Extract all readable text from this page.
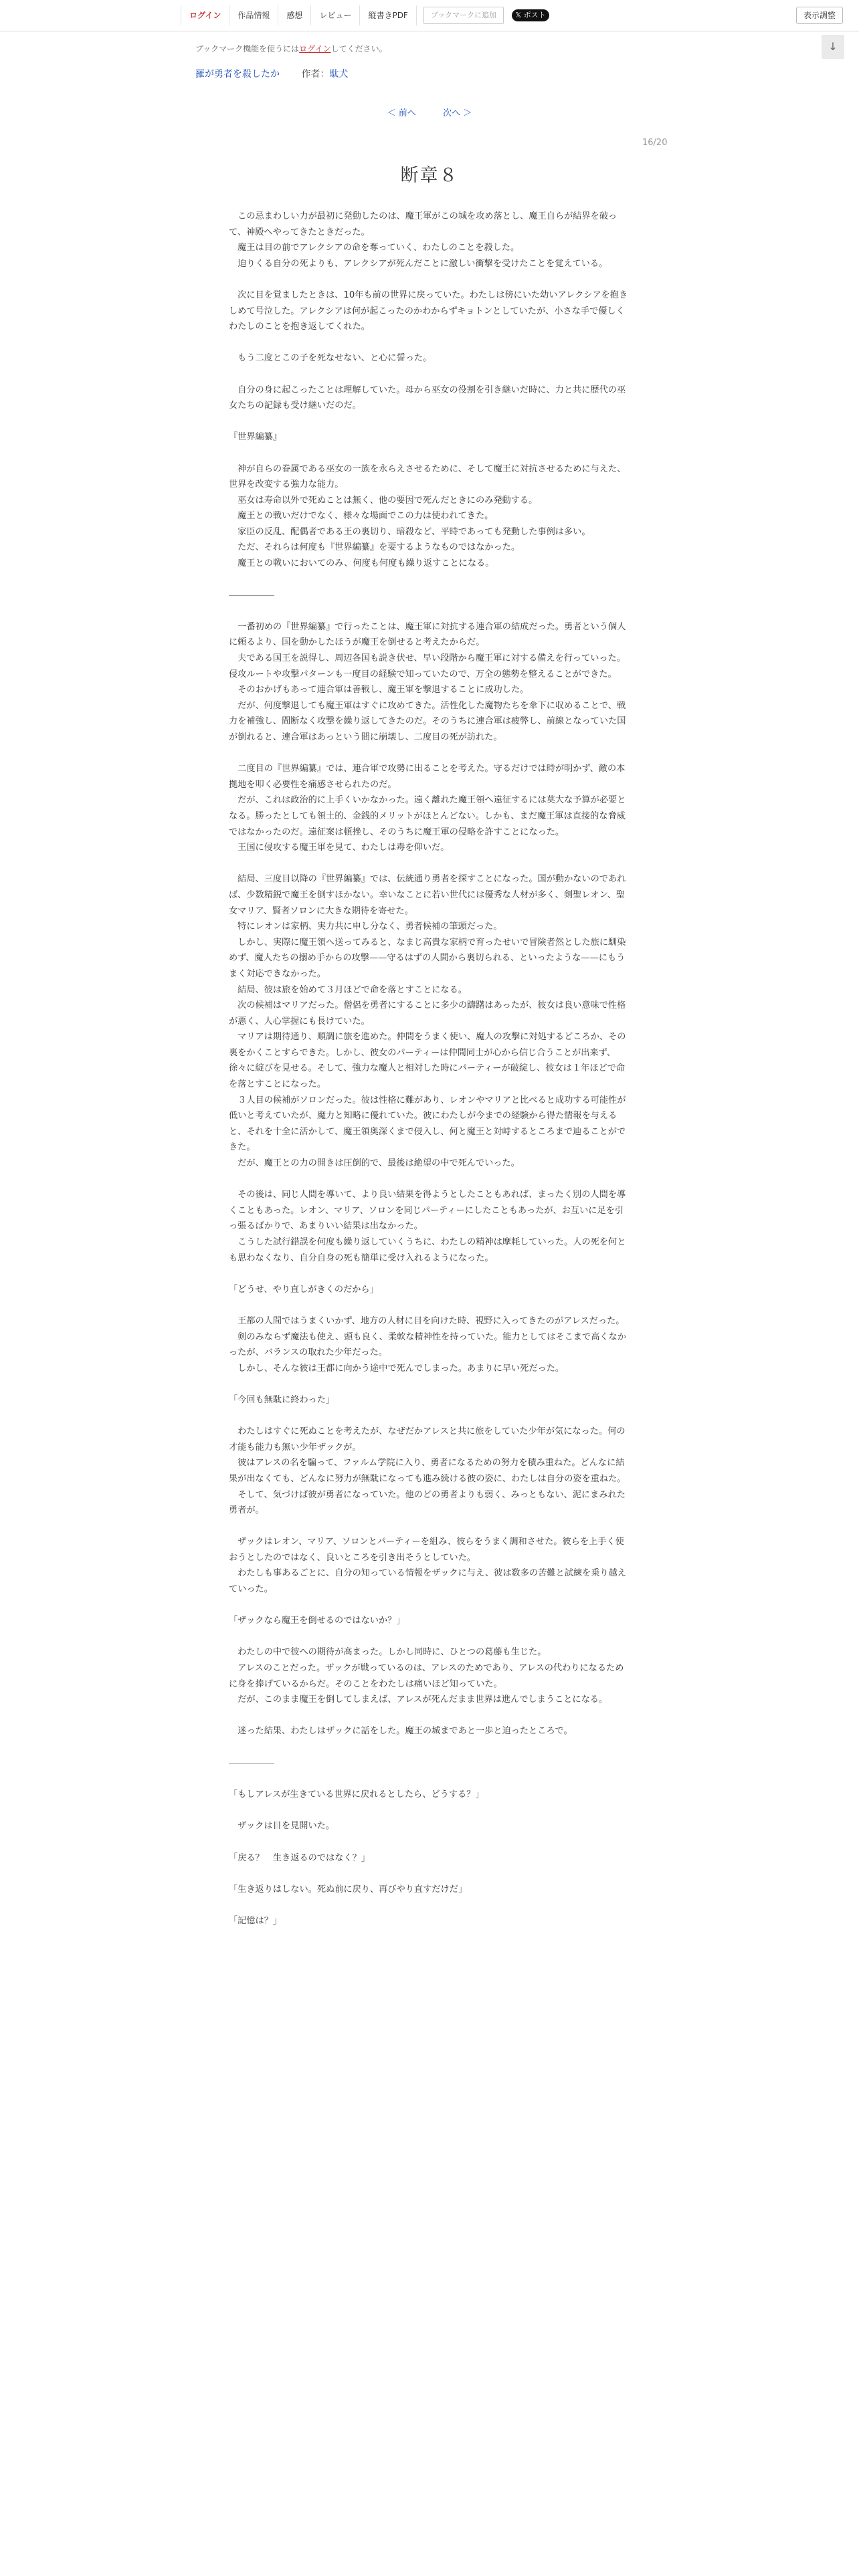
ログイン	作品情報	感想	レビュー	縦書きPDF	ブックマークに追加	𝕏 ポスト	表示調整
↓
ブックマーク機能を使うにはログインしてください。
羅が勇者を殺したか 作者：駄犬
＜ 前へ	次へ ＞
16/20
断章８

　この忌まわしい力が最初に発動したのは、魔王軍がこの城を攻め落とし、魔王自らが結界を破って、神殿へやってきたときだった。

　魔王は目の前でアレクシアの命を奪っていく、わたしのことを殺した。

　迫りくる自分の死よりも、アレクシアが死んだことに激しい衝撃を受けたことを覚えている。

　次に目を覚ましたときは、10年も前の世界に戻っていた。わたしは傍にいた幼いアレクシアを抱きしめて号泣した。アレクシアは何が起こったのかわからずキョトンとしていたが、小さな手で優しくわたしのことを抱き返してくれた。

　もう二度とこの子を死なせない、と心に誓った。

　自分の身に起こったことは理解していた。母から巫女の役割を引き継いだ時に、力と共に歴代の巫女たちの記録も受け継いだのだ。

『世界編纂』

　神が自らの眷属である巫女の一族を永らえさせるために、そして魔王に対抗させるために与えた、世界を改変する強力な能力。

　巫女は寿命以外で死ぬことは無く、他の要因で死んだときにのみ発動する。

　魔王との戦いだけでなく、様々な場面でこの力は使われてきた。

　家臣の反乱、配偶者である王の裏切り、暗殺など、平時であっても発動した事例は多い。

　ただ、それらは何度も『世界編纂』を要するようなものではなかった。

　魔王との戦いにおいてのみ、何度も何度も繰り返すことになる。

　一番初めの『世界編纂』で行ったことは、魔王軍に対抗する連合軍の結成だった。勇者という個人に頼るより、国を動かしたほうが魔王を倒せると考えたからだ。

　夫である国王を説得し、周辺各国も説き伏せ、早い段階から魔王軍に対する備えを行っていった。侵攻ルートや攻撃パターンも一度目の経験で知っていたので、万全の態勢を整えることができた。

　そのおかげもあって連合軍は善戦し、魔王軍を撃退することに成功した。

　だが、何度撃退しても魔王軍はすぐに攻めてきた。活性化した魔物たちを傘下に収めることで、戦力を補強し、間断なく攻撃を繰り返してきたのだ。そのうちに連合軍は疲弊し、前線となっていた国が倒れると、連合軍はあっという間に崩壊し、二度目の死が訪れた。

　二度目の『世界編纂』では、連合軍で攻勢に出ることを考えた。守るだけでは時が明かず、敵の本拠地を叩く必要性を痛感させられたのだ。

　だが、これは政治的に上手くいかなかった。遠く離れた魔王領へ遠征するには莫大な予算が必要となる。勝ったとしても領土的、金銭的メリットがほとんどない。しかも、まだ魔王軍は直接的な脅威ではなかったのだ。遠征案は頓挫し、そのうちに魔王軍の侵略を許すことになった。

　王国に侵攻する魔王軍を見て、わたしは毒を仰いだ。

　結局、三度目以降の『世界編纂』では、伝統通り勇者を探すことになった。国が動かないのであれば、少数精鋭で魔王を倒すほかない。幸いなことに若い世代には優秀な人材が多く、剣聖レオン、聖女マリア、賢者ソロンに大きな期待を寄せた。

　特にレオンは家柄、実力共に申し分なく、勇者候補の筆頭だった。

　しかし、実際に魔王領へ送ってみると、なまじ高貴な家柄で育ったせいで冒険者然とした旅に馴染めず、魔人たちの搦め手からの攻撃——守るはずの人間から裏切られる、といったような——にもうまく対応できなかった。

　結局、彼は旅を始めて３月ほどで命を落とすことになる。

　次の候補はマリアだった。僧侶を勇者にすることに多少の躊躇はあったが、彼女は良い意味で性格が悪く、人心掌握にも長けていた。

　マリアは期待通り、順調に旅を進めた。仲間をうまく使い、魔人の攻撃に対処するどころか、その裏をかくことすらできた。しかし、彼女のパーティーは仲間同士が心から信じ合うことが出来ず、徐々に綻びを見せる。そして、強力な魔人と相対した時にパーティーが破綻し、彼女は１年ほどで命を落とすことになった。

　３人目の候補がソロンだった。彼は性格に難があり、レオンやマリアと比べると成功する可能性が低いと考えていたが、魔力と知略に優れていた。彼にわたしが今までの経験から得た情報を与えると、それを十全に活かして、魔王領奥深くまで侵入し、何と魔王と対峙するところまで辿ることができた。

　だが、魔王との力の開きは圧倒的で、最後は絶望の中で死んでいった。

　その後は、同じ人間を導いて、より良い結果を得ようとしたこともあれば、まったく別の人間を導くこともあった。レオン、マリア、ソロンを同じパーティーにしたこともあったが、お互いに足を引っ張るばかりで、あまりいい結果は出なかった。

　こうした試行錯誤を何度も繰り返していくうちに、わたしの精神は摩耗していった。人の死を何とも思わなくなり、自分自身の死も簡単に受け入れるようになった。

「どうせ、やり直しがきくのだから」

　王都の人間ではうまくいかず、地方の人材に目を向けた時、視野に入ってきたのがアレスだった。

　剣のみならず魔法も使え、頭も良く、柔軟な精神性を持っていた。能力としてはそこまで高くなかったが、バランスの取れた少年だった。

　しかし、そんな彼は王都に向かう途中で死んでしまった。あまりに早い死だった。

「今回も無駄に終わった」

　わたしはすぐに死ぬことを考えたが、なぜだかアレスと共に旅をしていた少年が気になった。何の才能も能力も無い少年ザックが。

　彼はアレスの名を騙って、ファルム学院に入り、勇者になるための努力を積み重ねた。どんなに結果が出なくても、どんなに努力が無駄になっても進み続ける彼の姿に、わたしは自分の姿を重ねた。

　そして、気づけば彼が勇者になっていた。他のどの勇者よりも弱く、みっともない、泥にまみれた勇者が。

　ザックはレオン、マリア、ソロンとパーティーを組み、彼らをうまく調和させた。彼らを上手く使おうとしたのではなく、良いところを引き出そうとしていた。

　わたしも事あるごとに、自分の知っている情報をザックに与え、彼は数多の苦難と試練を乗り越えていった。

「ザックなら魔王を倒せるのではないか？」

　わたしの中で彼への期待が高まった。しかし同時に、ひとつの葛藤も生じた。

　アレスのことだった。ザックが戦っているのは、アレスのためであり、アレスの代わりになるために身を捧げているからだ。そのことをわたしは痛いほど知っていた。

　だが、このまま魔王を倒してしまえば、アレスが死んだまま世界は進んでしまうことになる。

　迷った結果、わたしはザックに話をした。魔王の城まであと一歩と迫ったところで。

「もしアレスが生きている世界に戻れるとしたら、どうする？」

　ザックは目を見開いた。

「戻る？　生き返るのではなく？」

「生き返りはしない。死ぬ前に戻り、再びやり直すだけだ」

「記憶は？」
